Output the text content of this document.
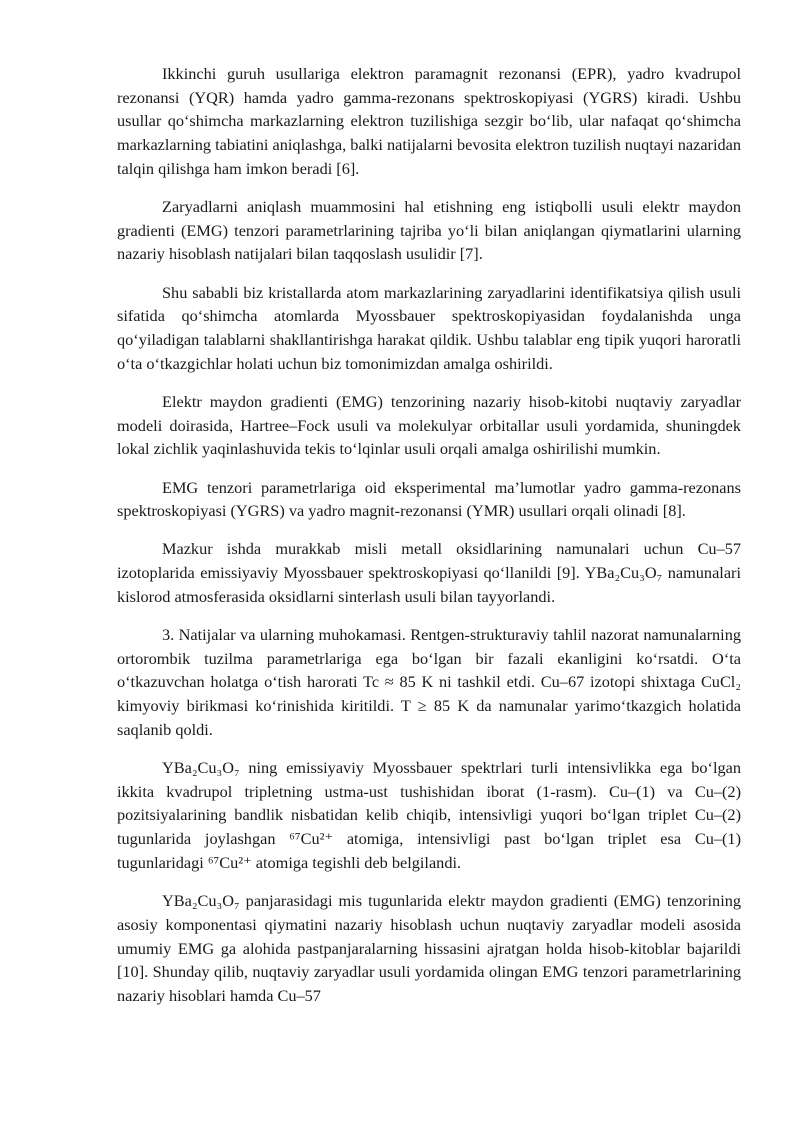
Ikkinchi guruh usullariga elektron paramagnit rezonansi (EPR), yadro kvadrupol rezonansi (YQR) hamda yadro gamma-rezonans spektroskopiyasi (YGRS) kiradi. Ushbu usullar qo‘shimcha markazlarning elektron tuzilishiga sezgir bo‘lib, ular nafaqat qo‘shimcha markazlarning tabiatini aniqlashga, balki natijalarni bevosita elektron tuzilish nuqtayi nazaridan talqin qilishga ham imkon beradi [6].

Zaryadlarni aniqlash muammosini hal etishning eng istiqbolli usuli elektr maydon gradienti (EMG) tenzori parametrlarining tajriba yo‘li bilan aniqlangan qiymatlarini ularning nazariy hisoblash natijalari bilan taqqoslash usulidir [7].

Shu sababli biz kristallarda atom markazlarining zaryadlarini identifikatsiya qilish usuli sifatida qo‘shimcha atomlarda Myossbauer spektroskopiyasidan foydalanishda unga qo‘yiladigan talablarni shakllantirishga harakat qildik. Ushbu talablar eng tipik yuqori haroratli o‘ta o‘tkazgichlar holati uchun biz tomonimizdan amalga oshirildi.

Elektr maydon gradienti (EMG) tenzorining nazariy hisob-kitobi nuqtaviy zaryadlar modeli doirasida, Hartree–Fock usuli va molekulyar orbitallar usuli yordamida, shuningdek lokal zichlik yaqinlashuvida tekis to‘lqinlar usuli orqali amalga oshirilishi mumkin.

EMG tenzori parametrlariga oid eksperimental ma’lumotlar yadro gamma-rezonans spektroskopiyasi (YGRS) va yadro magnit-rezonansi (YMR) usullari orqali olinadi [8].

Mazkur ishda murakkab misli metall oksidlarining namunalari uchun Cu–57 izotoplarida emissiyaviy Myossbauer spektroskopiyasi qo‘llanildi [9]. YBa₂Cu₃O₇ namunalari kislorod atmosferasida oksidlarni sinterlash usuli bilan tayyorlandi.

3. Natijalar va ularning muhokamasi. Rentgen-strukturaviy tahlil nazorat namunalarning ortorombik tuzilma parametrlariga ega bo‘lgan bir fazali ekanligini ko‘rsatdi. O‘ta o‘tkazuvchan holatga o‘tish harorati Tc ≈ 85 K ni tashkil etdi. Cu–67 izotopi shixtaga CuCl₂ kimyoviy birikmasi ko‘rinishida kiritildi. T ≥ 85 K da namunalar yarimo‘tkazgich holatida saqlanib qoldi.

YBa₂Cu₃O₇ ning emissiyaviy Myossbauer spektrlari turli intensivlikka ega bo‘lgan ikkita kvadrupol tripletning ustma-ust tushishidan iborat (1-rasm). Cu–(1) va Cu–(2) pozitsiyalarining bandlik nisbatidan kelib chiqib, intensivligi yuqori bo‘lgan triplet Cu–(2) tugunlarida joylashgan ⁶⁷Cu²⁺ atomiga, intensivligi past bo‘lgan triplet esa Cu–(1) tugunlaridagi ⁶⁷Cu²⁺ atomiga tegishli deb belgilandi.

YBa₂Cu₃O₇ panjarasidagi mis tugunlarida elektr maydon gradienti (EMG) tenzorining asosiy komponentasi qiymatini nazariy hisoblash uchun nuqtaviy zaryadlar modeli asosida umumiy EMG ga alohida pastpanjaralarning hissasini ajratgan holda hisob-kitoblar bajarildi [10]. Shunday qilib, nuqtaviy zaryadlar usuli yordamida olingan EMG tenzori parametrlarining nazariy hisoblari hamda Cu–57
